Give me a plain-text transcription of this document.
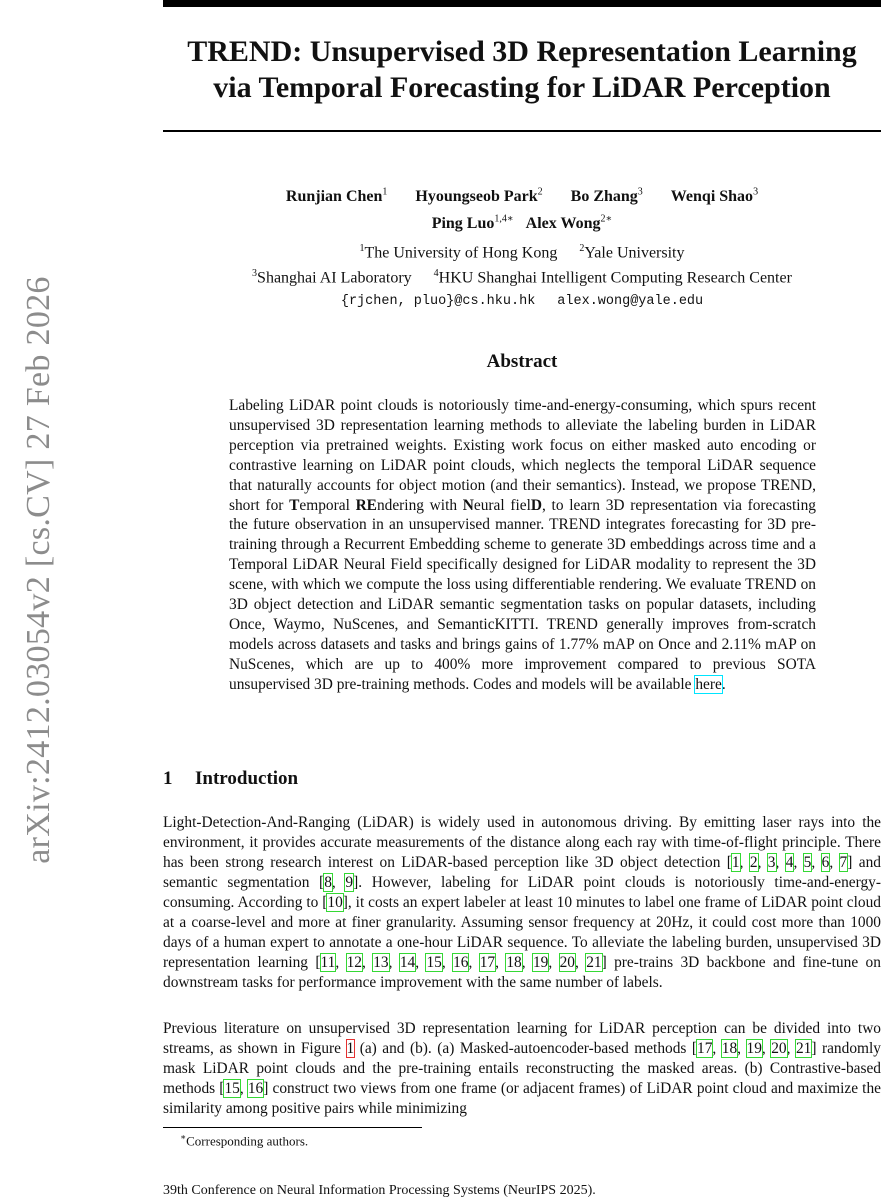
arXiv:2412.03054v2 [cs.CV] 27 Feb 2026
TREND: Unsupervised 3D Representation Learning
via Temporal Forecasting for LiDAR Perception
Runjian Chen$^1$ Hyoungseob Park$^2$ Bo Zhang$^3$ Wenqi Shao$^3$
Ping Luo$^{1,4∗}$ Alex Wong$^{2∗}$
$^1$The University of Hong Kong $^2$Yale University
$^3$Shanghai AI Laboratory $^4$HKU Shanghai Intelligent Computing Research Center
{rjchen, pluo}@cs.hku.hk alex.wong@yale.edu
Abstract

Labeling LiDAR point clouds is notoriously time-and-energy-consuming, which spurs recent unsupervised 3D representation learning methods to alleviate the labeling burden in LiDAR perception via pretrained weights. Existing work focus on either masked auto encoding or contrastive learning on LiDAR point clouds, which neglects the temporal LiDAR sequence that naturally accounts for object motion (and their semantics). Instead, we propose TREND, short for Temporal REndering with Neural fielD, to learn 3D representation via forecasting the future observation in an unsupervised manner. TREND integrates forecasting for 3D pre-training through a Recurrent Embedding scheme to generate 3D embeddings across time and a Temporal LiDAR Neural Field specifically designed for LiDAR modality to represent the 3D scene, with which we compute the loss using differentiable rendering. We evaluate TREND on 3D object detection and LiDAR semantic segmentation tasks on popular datasets, including Once, Waymo, NuScenes, and SemanticKITTI. TREND generally improves from-scratch models across datasets and tasks and brings gains of 1.77% mAP on Once and 2.11% mAP on NuScenes, which are up to 400% more improvement compared to previous SOTA unsupervised 3D pre-training methods. Codes and models will be available here.

1 Introduction

Light-Detection-And-Ranging (LiDAR) is widely used in autonomous driving. By emitting laser rays into the environment, it provides accurate measurements of the distance along each ray with time-of-flight principle. There has been strong research interest on LiDAR-based perception like 3D object detection [1, 2, 3, 4, 5, 6, 7] and semantic segmentation [8, 9]. However, labeling for LiDAR point clouds is notoriously time-and-energy-consuming. According to [10], it costs an expert labeler at least 10 minutes to label one frame of LiDAR point cloud at a coarse-level and more at finer granularity. Assuming sensor frequency at 20Hz, it could cost more than 1000 days of a human expert to annotate a one-hour LiDAR sequence. To alleviate the labeling burden, unsupervised 3D representation learning [11, 12, 13, 14, 15, 16, 17, 18, 19, 20, 21] pre-trains 3D backbone and fine-tune on downstream tasks for performance improvement with the same number of labels.

Previous literature on unsupervised 3D representation learning for LiDAR perception can be divided into two streams, as shown in Figure 1 (a) and (b). (a) Masked-autoencoder-based methods [17, 18, 19, 20, 21] randomly mask LiDAR point clouds and the pre-training entails reconstructing the masked areas. (b) Contrastive-based methods [15, 16] construct two views from one frame (or adjacent frames) of LiDAR point cloud and maximize the similarity among positive pairs while minimizing

∗Corresponding authors.
39th Conference on Neural Information Processing Systems (NeurIPS 2025).
